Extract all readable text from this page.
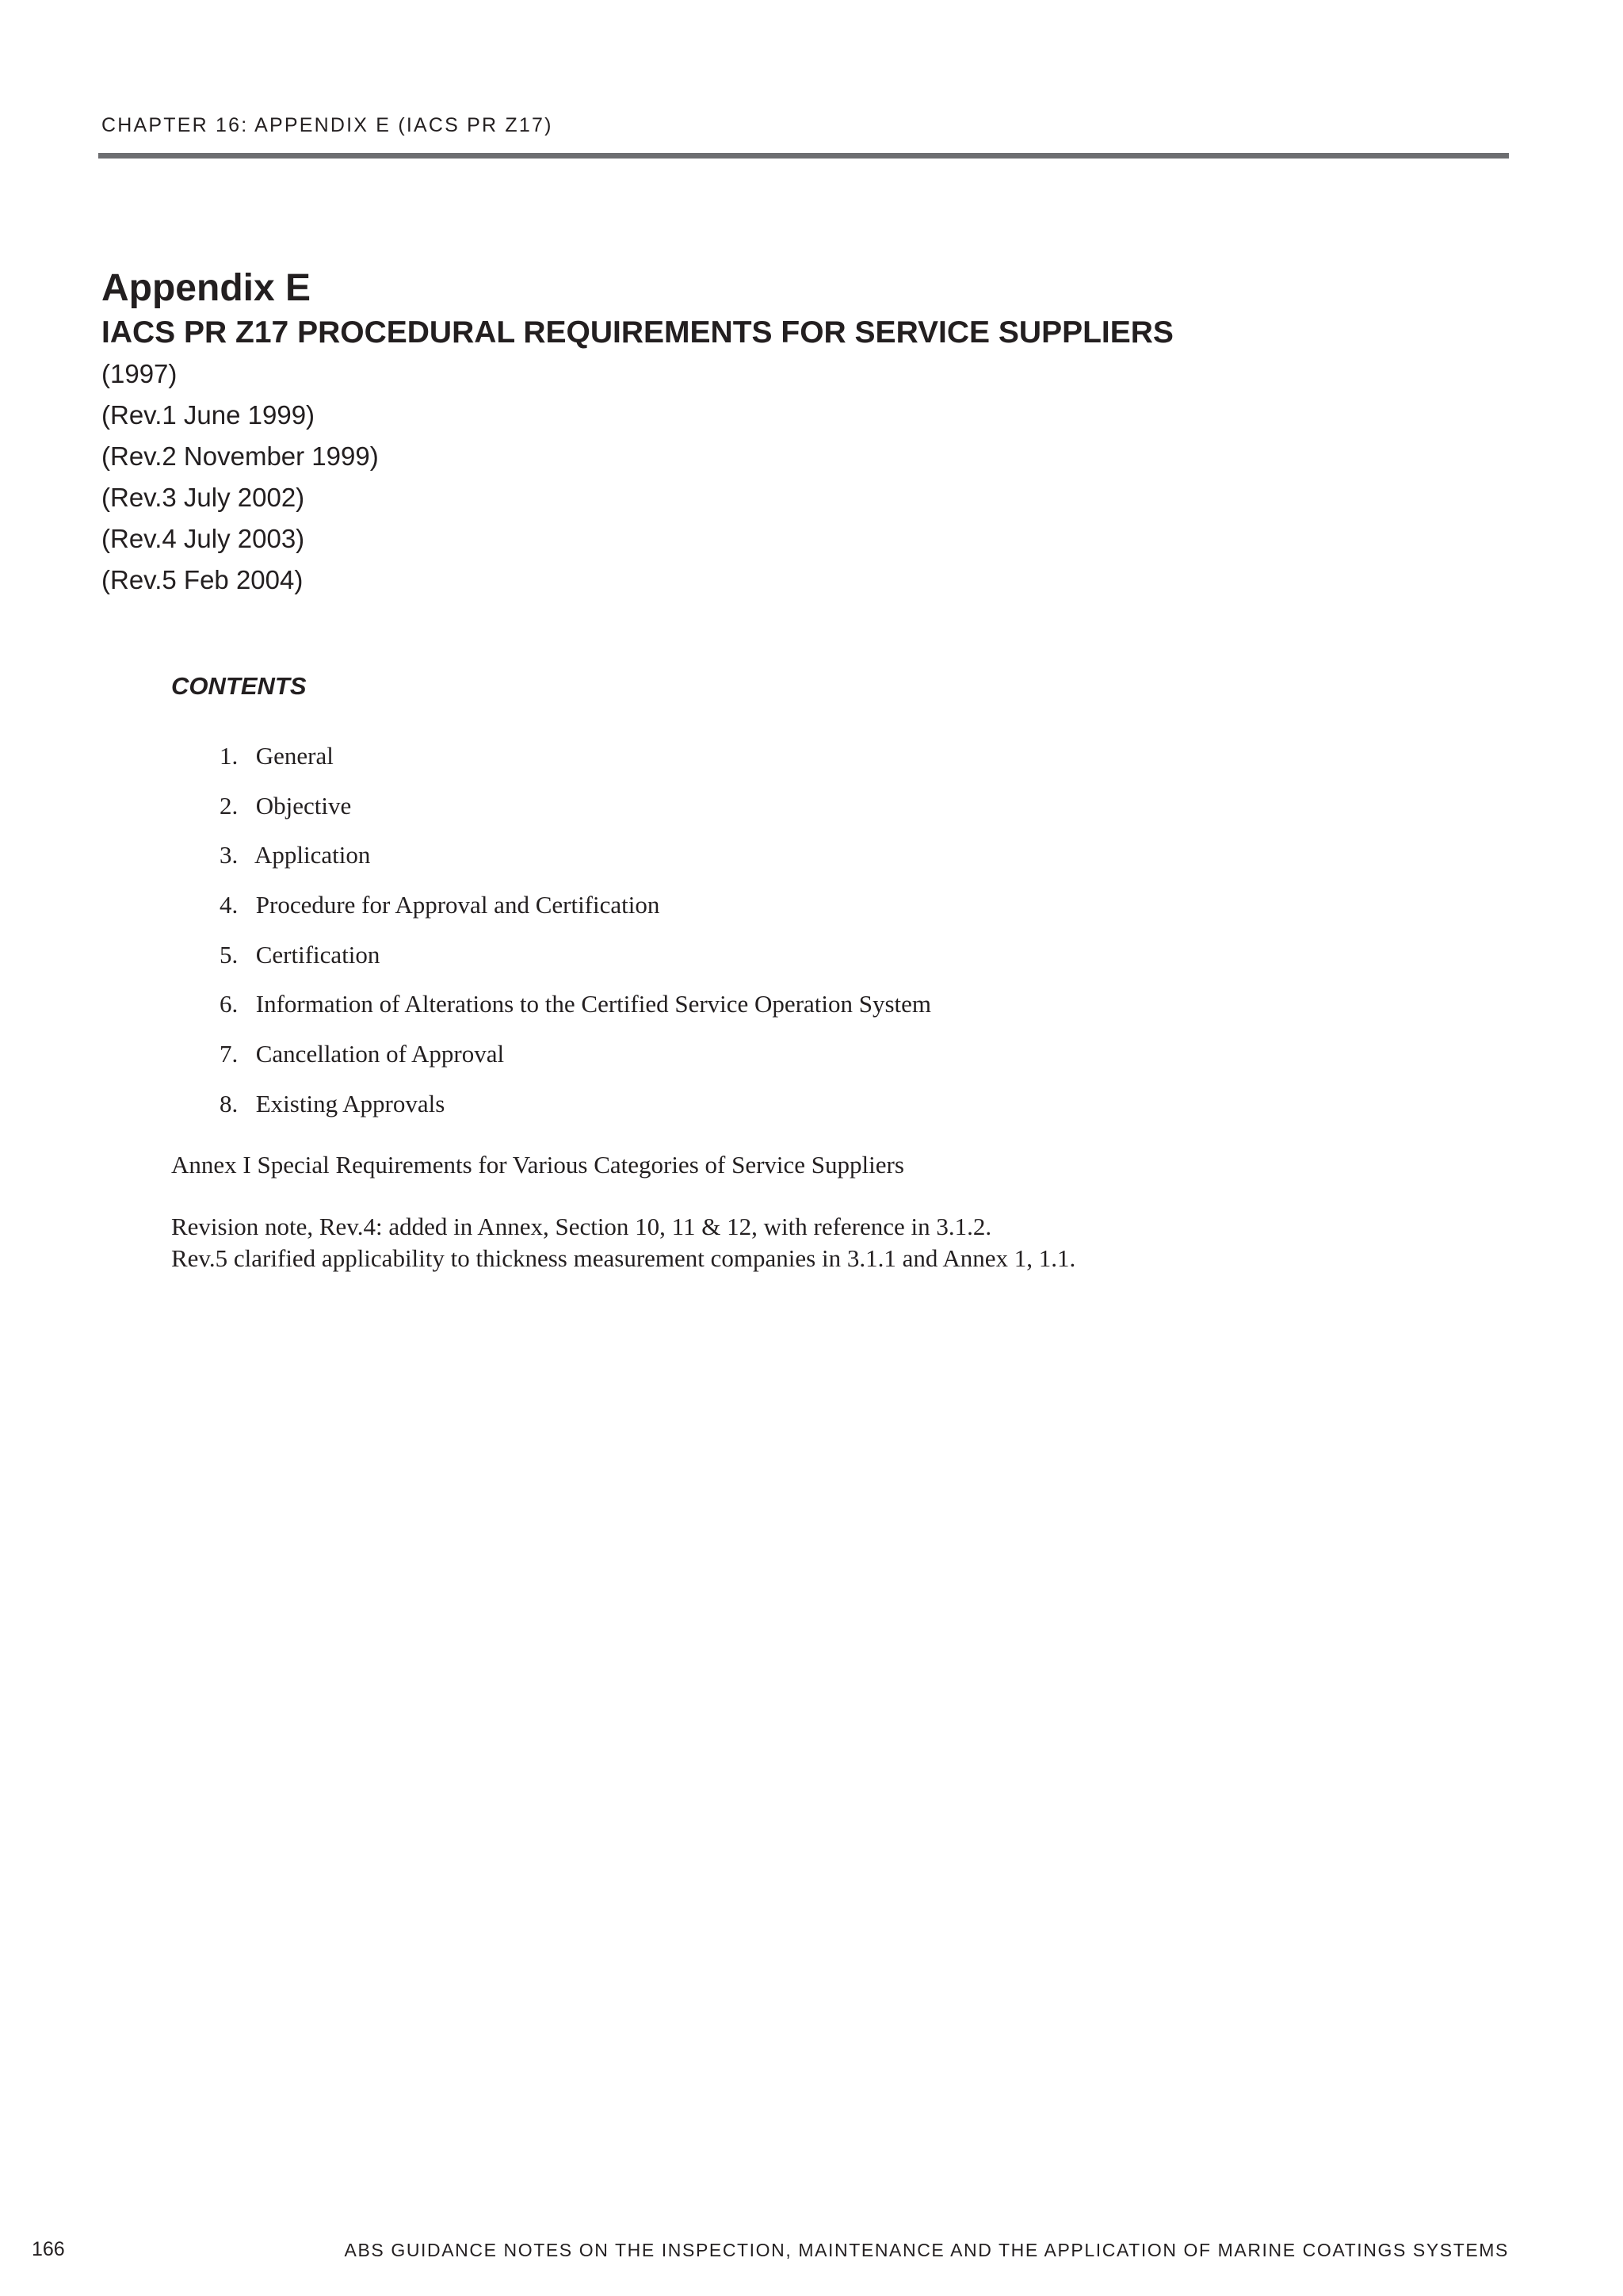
CHAPTER 16: APPENDIX E (IACS PR Z17)
Appendix E
IACS PR Z17 PROCEDURAL REQUIREMENTS FOR SERVICE SUPPLIERS
(1997)
(Rev.1 June 1999)
(Rev.2 November 1999)
(Rev.3 July 2002)
(Rev.4 July 2003)
(Rev.5 Feb 2004)
CONTENTS
1. General
2. Objective
3. Application
4. Procedure for Approval and Certification
5. Certification
6. Information of Alterations to the Certified Service Operation System
7. Cancellation of Approval
8. Existing Approvals

Annex I Special Requirements for Various Categories of Service Suppliers

Revision note, Rev.4: added in Annex, Section 10, 11 & 12, with reference in 3.1.2.
Rev.5 clarified applicability to thickness measurement companies in 3.1.1 and Annex 1, 1.1.

166	ABS GUIDANCE NOTES ON THE INSPECTION, MAINTENANCE AND THE APPLICATION OF MARINE COATINGS SYSTEMS
